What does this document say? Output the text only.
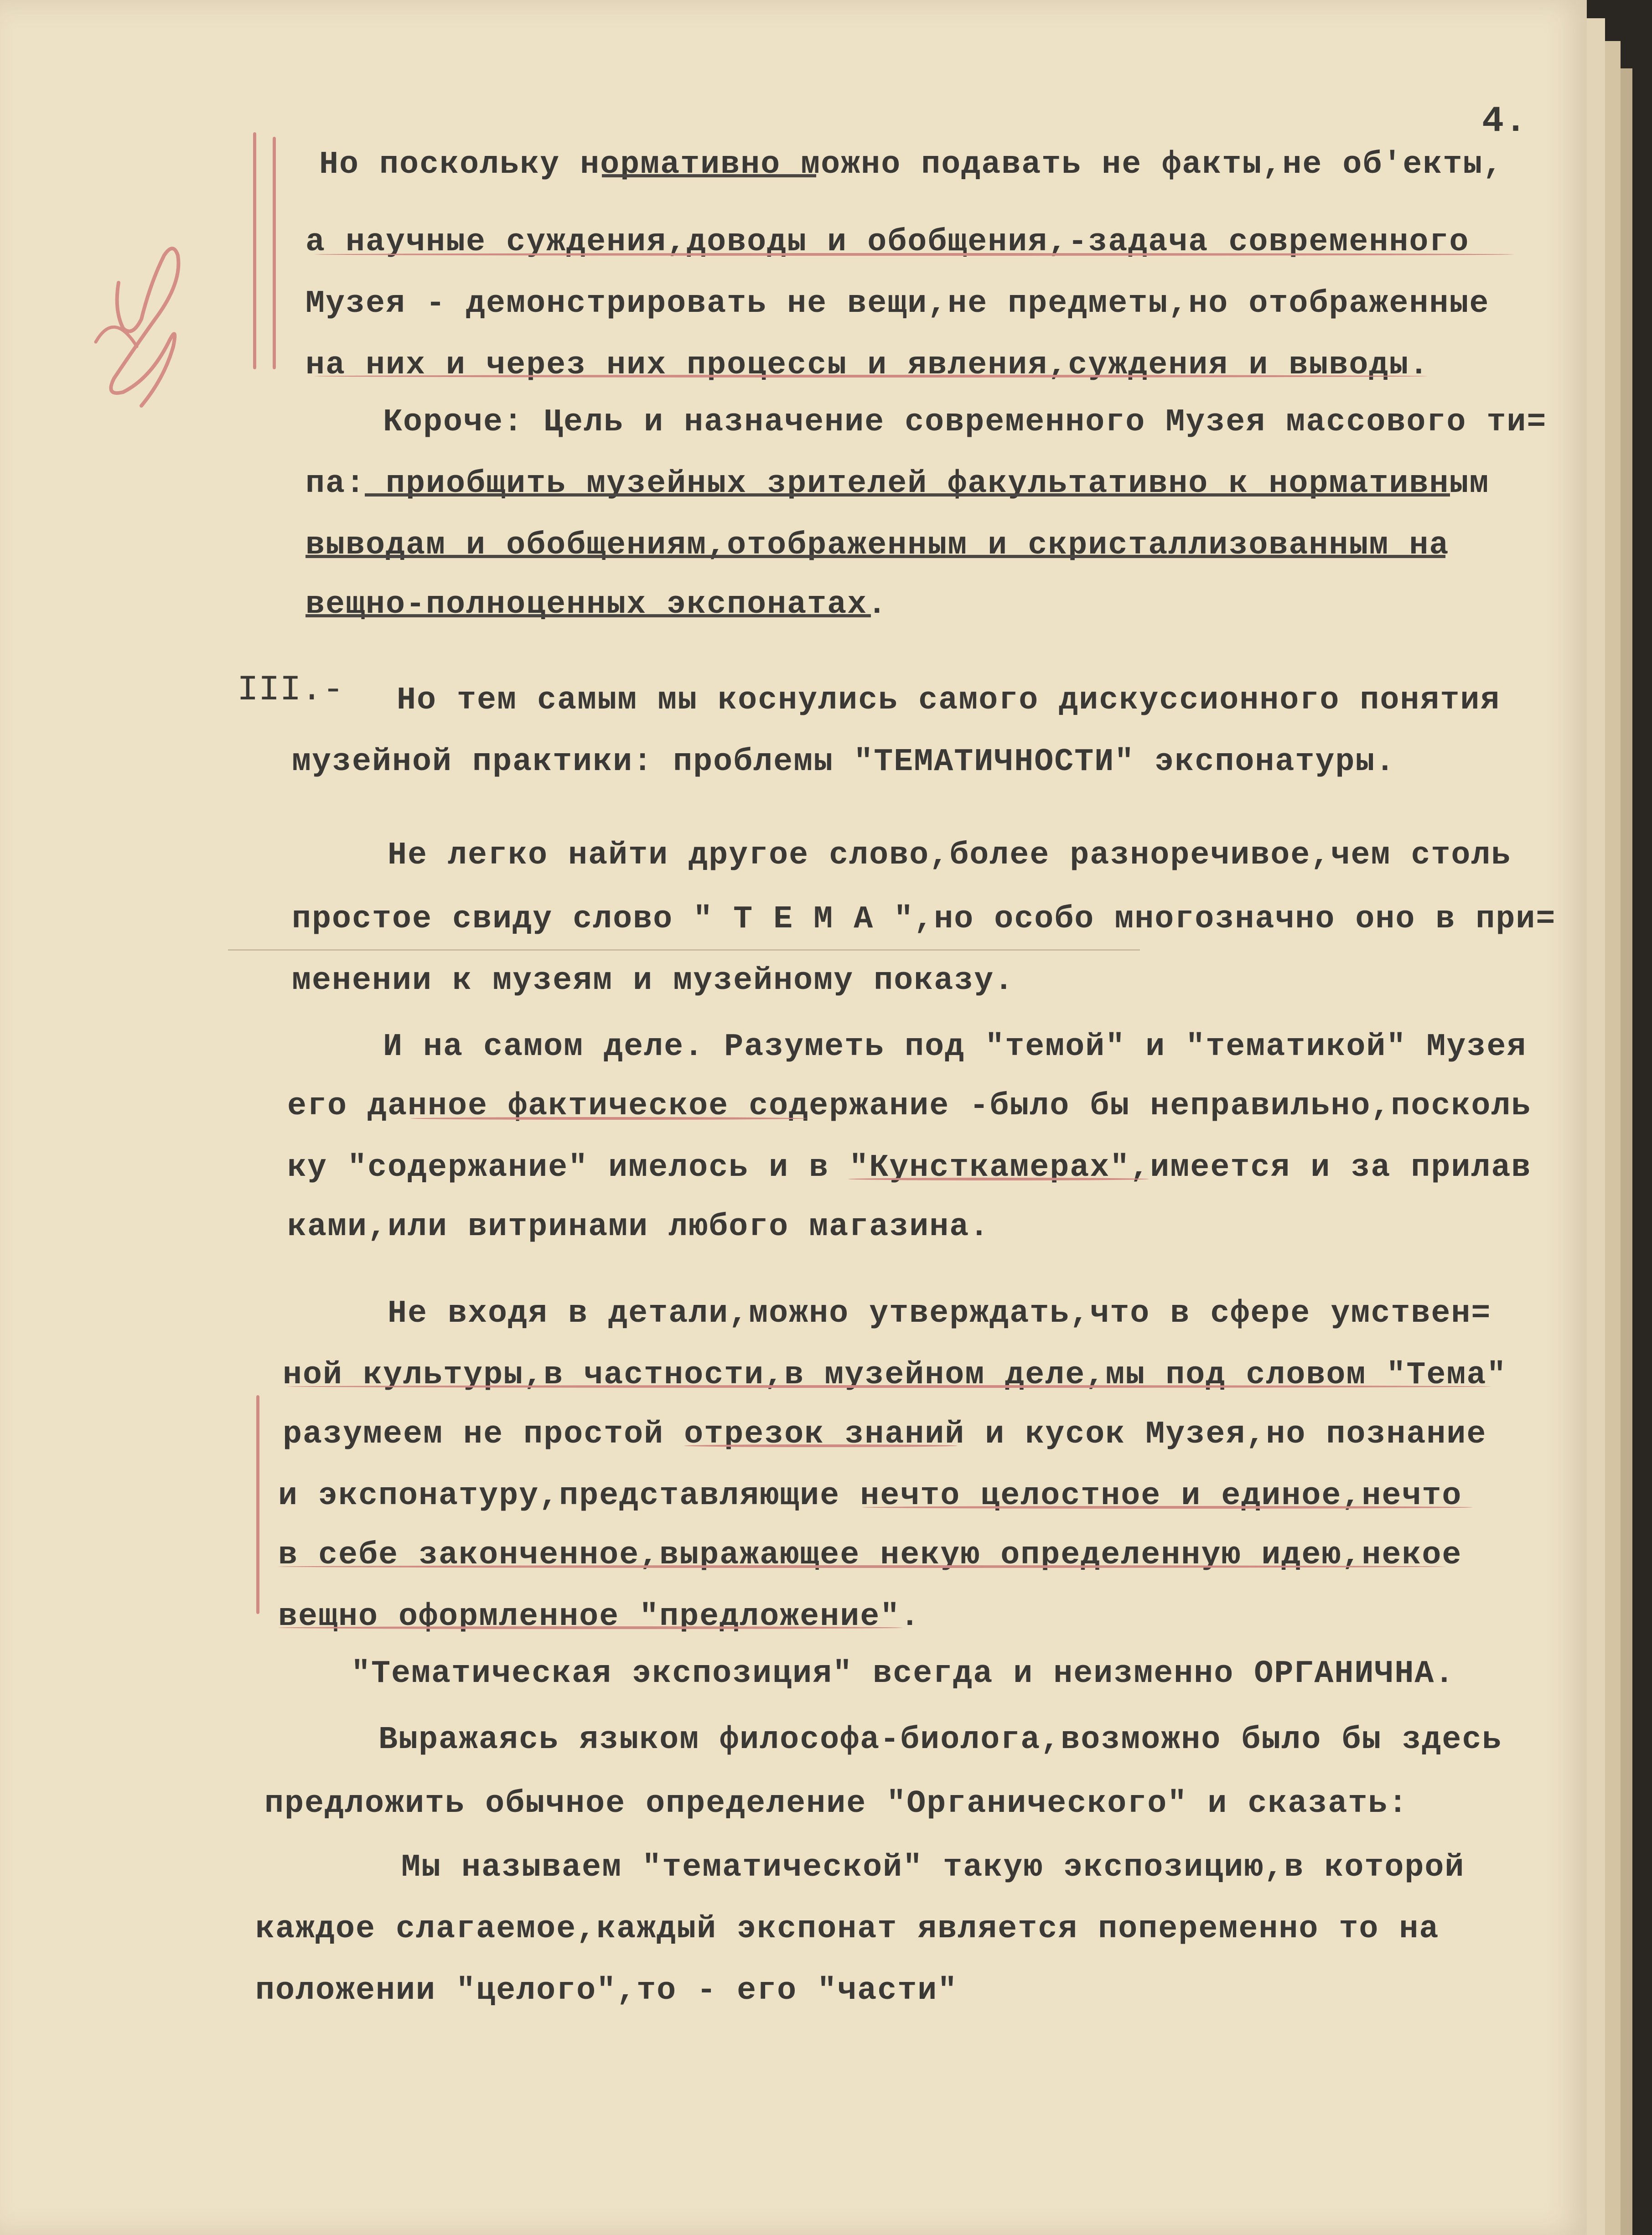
4.
Но поскольку нормативно можно подавать не факты,не об'екты,
а научные суждения,доводы и обобщения,-задача современного
Музея - демонстрировать не вещи,не предметы,но отображенные
на них и через них процессы и явления,суждения и выводы.
Короче: Цель и назначение современного Музея массового ти=
па: приобщить музейных зрителей факультативно к нормативным
выводам и обобщениям,отображенным и скристаллизованным на
вещно-полноценных экспонатах.
III.- Но тем самым мы коснулись самого дискуссионного понятия
музейной практики: проблемы "ТЕМАТИЧНОСТИ" экспонатуры.
Не легко найти другое слово,более разноречивое,чем столь
простое свиду слово " Т Е М А ",но особо многозначно оно в при=
менении к музеям и музейному показу.
И на самом деле. Разуметь под "темой" и "тематикой" Музея
его данное фактическое содержание -было бы неправильно,посколь
ку "содержание" имелось и в "Кунсткамерах",имеется и за прилав
ками,или витринами любого магазина.
Не входя в детали,можно утверждать,что в сфере умствен=
ной культуры,в частности,в музейном деле,мы под словом "Тема"
разумеем не простой отрезок знаний и кусок Музея,но познание
и экспонатуру,представляющие нечто целостное и единое,нечто
в себе законченное,выражающее некую определенную идею,некое
вещно оформленное "предложение".
"Тематическая экспозиция" всегда и неизменно ОРГАНИЧНА.
Выражаясь языком философа-биолога,возможно было бы здесь
предложить обычное определение "Органического" и сказать:
Мы называем "тематической" такую экспозицию,в которой
каждое слагаемое,каждый экспонат является попеременно то на
положении "целого",то - его "части"
